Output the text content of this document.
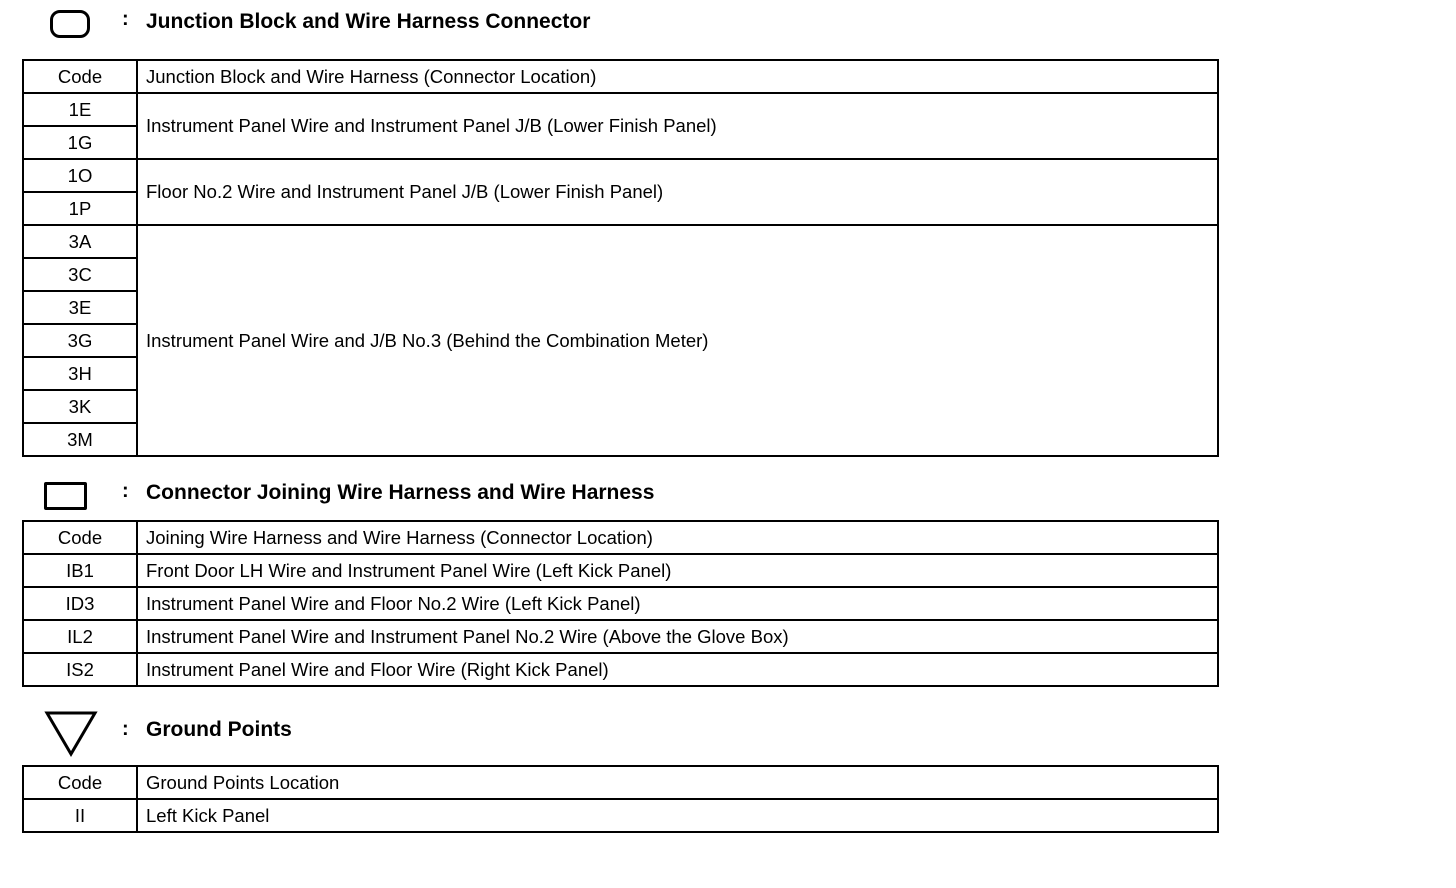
: Junction Block and Wire Harness Connector
Code	Junction Block and Wire Harness (Connector Location)
1E	Instrument Panel Wire and Instrument Panel J/B (Lower Finish Panel)
1G	
1O	Floor No.2 Wire and Instrument Panel J/B (Lower Finish Panel)
1P	
3A	Instrument Panel Wire and J/B No.3 (Behind the Combination Meter)
3C	
3E	
3G	
3H	
3K	
3M	
: Connector Joining Wire Harness and Wire Harness
Code	Joining Wire Harness and Wire Harness (Connector Location)
IB1	Front Door LH Wire and Instrument Panel Wire (Left Kick Panel)
ID3	Instrument Panel Wire and Floor No.2 Wire (Left Kick Panel)
IL2	Instrument Panel Wire and Instrument Panel No.2 Wire (Above the Glove Box)
IS2	Instrument Panel Wire and Floor Wire (Right Kick Panel)
: Ground Points
Code	Ground Points Location
II	Left Kick Panel
